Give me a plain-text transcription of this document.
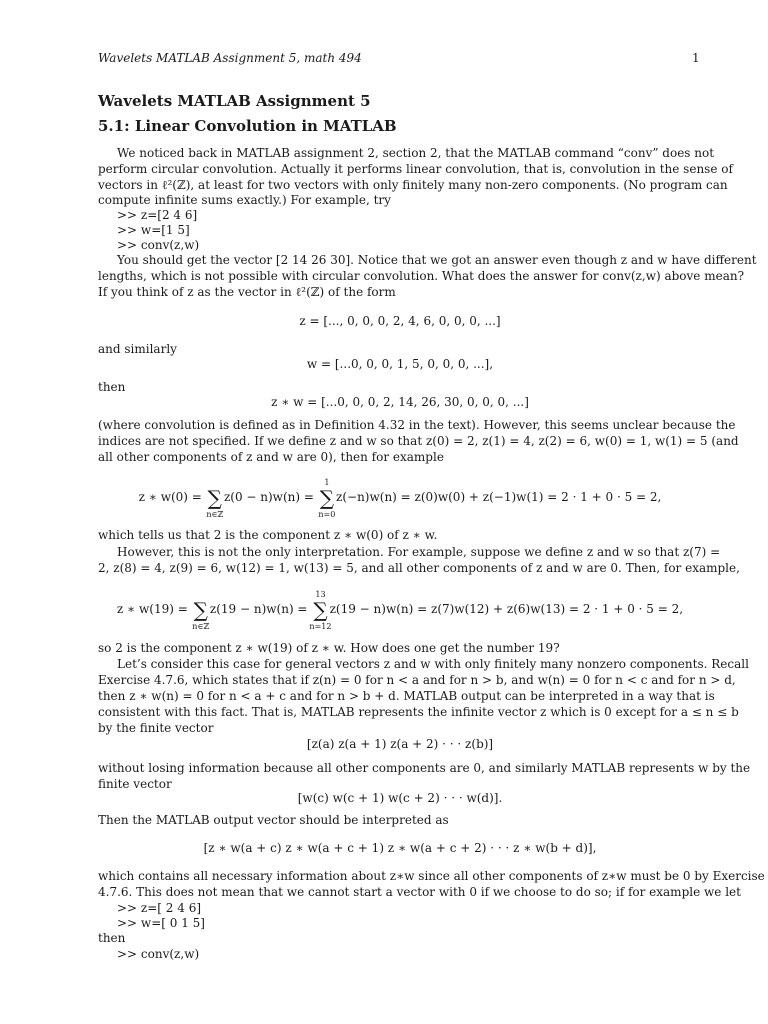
Wavelets MATLAB Assignment 5, math 494	1
Wavelets MATLAB Assignment 5
5.1: Linear Convolution in MATLAB
We noticed back in MATLAB assignment 2, section 2, that the MATLAB command “conv” does not
perform circular convolution. Actually it performs linear convolution, that is, convolution in the sense of
vectors in ℓ²(ℤ), at least for two vectors with only finitely many non-zero components. (No program can
compute infinite sums exactly.) For example, try
>> z=[2 4 6]
>> w=[1 5]
>> conv(z,w)
You should get the vector [2 14 26 30]. Notice that we got an answer even though z and w have different
lengths, which is not possible with circular convolution. What does the answer for conv(z,w) above mean?
If you think of z as the vector in ℓ²(ℤ) of the form
z = [..., 0, 0, 0, 2, 4, 6, 0, 0, 0, ...]
and similarly
w = [...0, 0, 0, 1, 5, 0, 0, 0, ...],
then
z ∗ w = [...0, 0, 0, 2, 14, 26, 30, 0, 0, 0, ...]
(where convolution is defined as in Definition 4.32 in the text). However, this seems unclear because the
indices are not specified. If we define z and w so that z(0) = 2, z(1) = 4, z(2) = 6, w(0) = 1, w(1) = 5 (and
all other components of z and w are 0), then for example
z ∗ w(0) = ∑
n∈ℤ
z(0 − n)w(n) = ∑
1
n=0
z(−n)w(n) = z(0)w(0) + z(−1)w(1) = 2 · 1 + 0 · 5 = 2,
which tells us that 2 is the component z ∗ w(0) of z ∗ w.
However, this is not the only interpretation. For example, suppose we define z and w so that z(7) =
2, z(8) = 4, z(9) = 6, w(12) = 1, w(13) = 5, and all other components of z and w are 0. Then, for example,
z ∗ w(19) = ∑
n∈ℤ
z(19 − n)w(n) = ∑
13
n=12
z(19 − n)w(n) = z(7)w(12) + z(6)w(13) = 2 · 1 + 0 · 5 = 2,
so 2 is the component z ∗ w(19) of z ∗ w. How does one get the number 19?
Let’s consider this case for general vectors z and w with only finitely many nonzero components. Recall
Exercise 4.7.6, which states that if z(n) = 0 for n < a and for n > b, and w(n) = 0 for n < c and for n > d,
then z ∗ w(n) = 0 for n < a + c and for n > b + d. MATLAB output can be interpreted in a way that is
consistent with this fact. That is, MATLAB represents the infinite vector z which is 0 except for a ≤ n ≤ b
by the finite vector
[z(a) z(a + 1) z(a + 2) · · · z(b)]
without losing information because all other components are 0, and similarly MATLAB represents w by the
finite vector
[w(c) w(c + 1) w(c + 2) · · · w(d)].
Then the MATLAB output vector should be interpreted as
[z ∗ w(a + c) z ∗ w(a + c + 1) z ∗ w(a + c + 2) · · · z ∗ w(b + d)],
which contains all necessary information about z∗w since all other components of z∗w must be 0 by Exercise
4.7.6. This does not mean that we cannot start a vector with 0 if we choose to do so; if for example we let
>> z=[ 2 4 6]
>> w=[ 0 1 5]
then
>> conv(z,w)
